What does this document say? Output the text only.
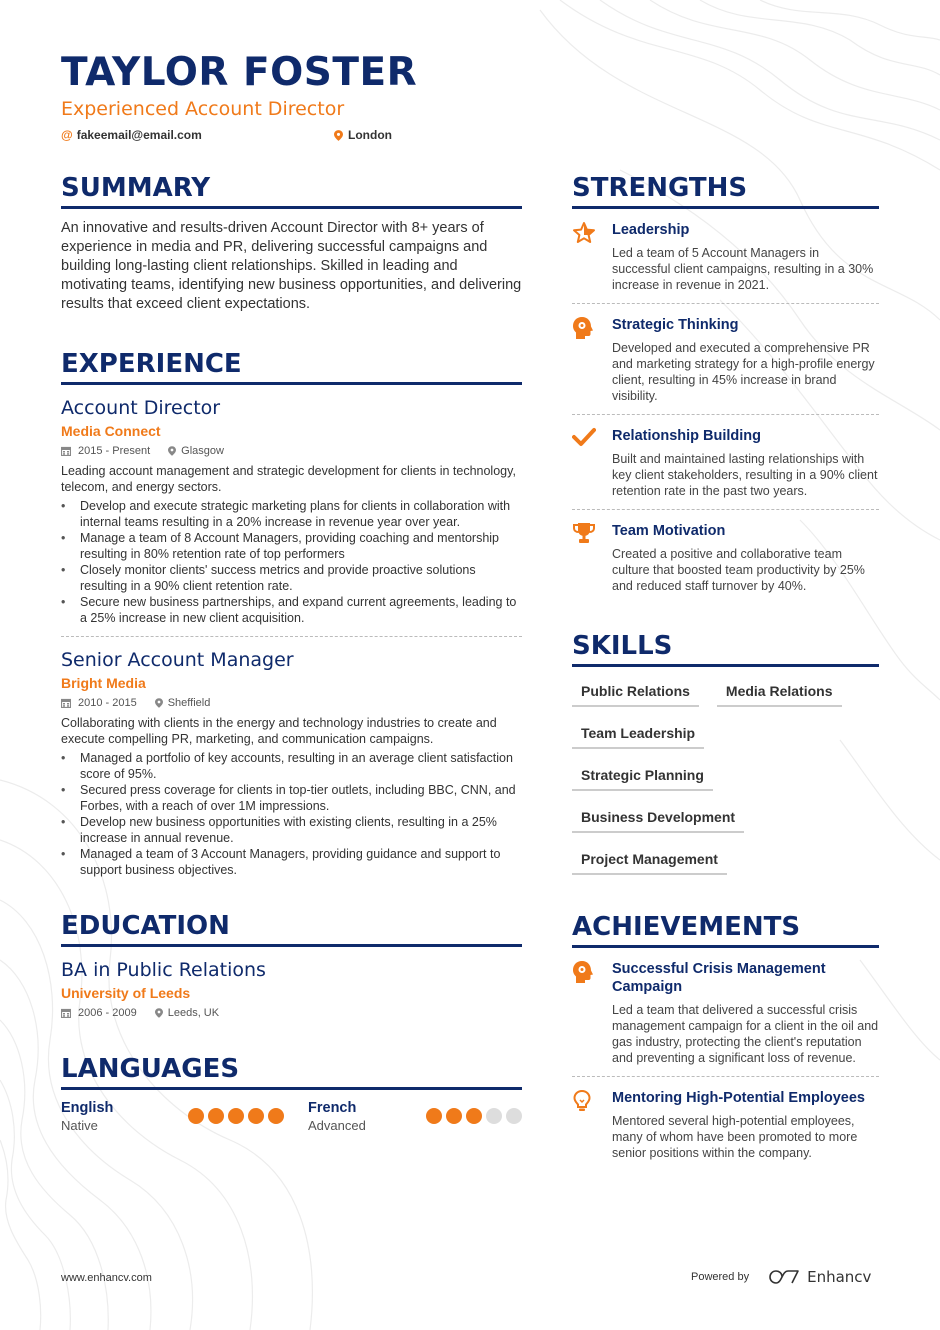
TAYLOR FOSTER
Experienced Account Director
@ fakeemail@email.com	London
SUMMARY
An innovative and results-driven Account Director with 8+ years of experience in media and PR, delivering successful campaigns and building long-lasting client relationships. Skilled in leading and motivating teams, identifying new business opportunities, and delivering results that exceed client expectations.
EXPERIENCE
Account Director
Media Connect
2015 - Present	Glasgow
Leading account management and strategic development for clients in technology, telecom, and energy sectors.
• Develop and execute strategic marketing plans for clients in collaboration with internal teams resulting in a 20% increase in revenue year over year.
• Manage a team of 8 Account Managers, providing coaching and mentorship resulting in 80% retention rate of top performers
• Closely monitor clients' success metrics and provide proactive solutions resulting in a 90% client retention rate.
• Secure new business partnerships, and expand current agreements, leading to a 25% increase in new client acquisition.
Senior Account Manager
Bright Media
2010 - 2015	Sheffield
Collaborating with clients in the energy and technology industries to create and execute compelling PR, marketing, and communication campaigns.
• Managed a portfolio of key accounts, resulting in an average client satisfaction score of 95%.
• Secured press coverage for clients in top-tier outlets, including BBC, CNN, and Forbes, with a reach of over 1M impressions.
• Develop new business opportunities with existing clients, resulting in a 25% increase in annual revenue.
• Managed a team of 3 Account Managers, providing guidance and support to support business objectives.
EDUCATION
BA in Public Relations
University of Leeds
2006 - 2009	Leeds, UK
LANGUAGES
English
Native
French
Advanced
STRENGTHS
Leadership
Led a team of 5 Account Managers in successful client campaigns, resulting in a 30% increase in revenue in 2021.
Strategic Thinking
Developed and executed a comprehensive PR and marketing strategy for a high-profile energy client, resulting in 45% increase in brand visibility.
Relationship Building
Built and maintained lasting relationships with key client stakeholders, resulting in a 90% client retention rate in the past two years.
Team Motivation
Created a positive and collaborative team culture that boosted team productivity by 25% and reduced staff turnover by 40%.
SKILLS
Public Relations	Media Relations
Team Leadership
Strategic Planning
Business Development
Project Management
ACHIEVEMENTS
Successful Crisis Management Campaign
Led a team that delivered a successful crisis management campaign for a client in the oil and gas industry, protecting the client's reputation and preventing a significant loss of revenue.
Mentoring High-Potential Employees
Mentored several high-potential employees, many of whom have been promoted to more senior positions within the company.
www.enhancv.com	Powered by	Enhancv
